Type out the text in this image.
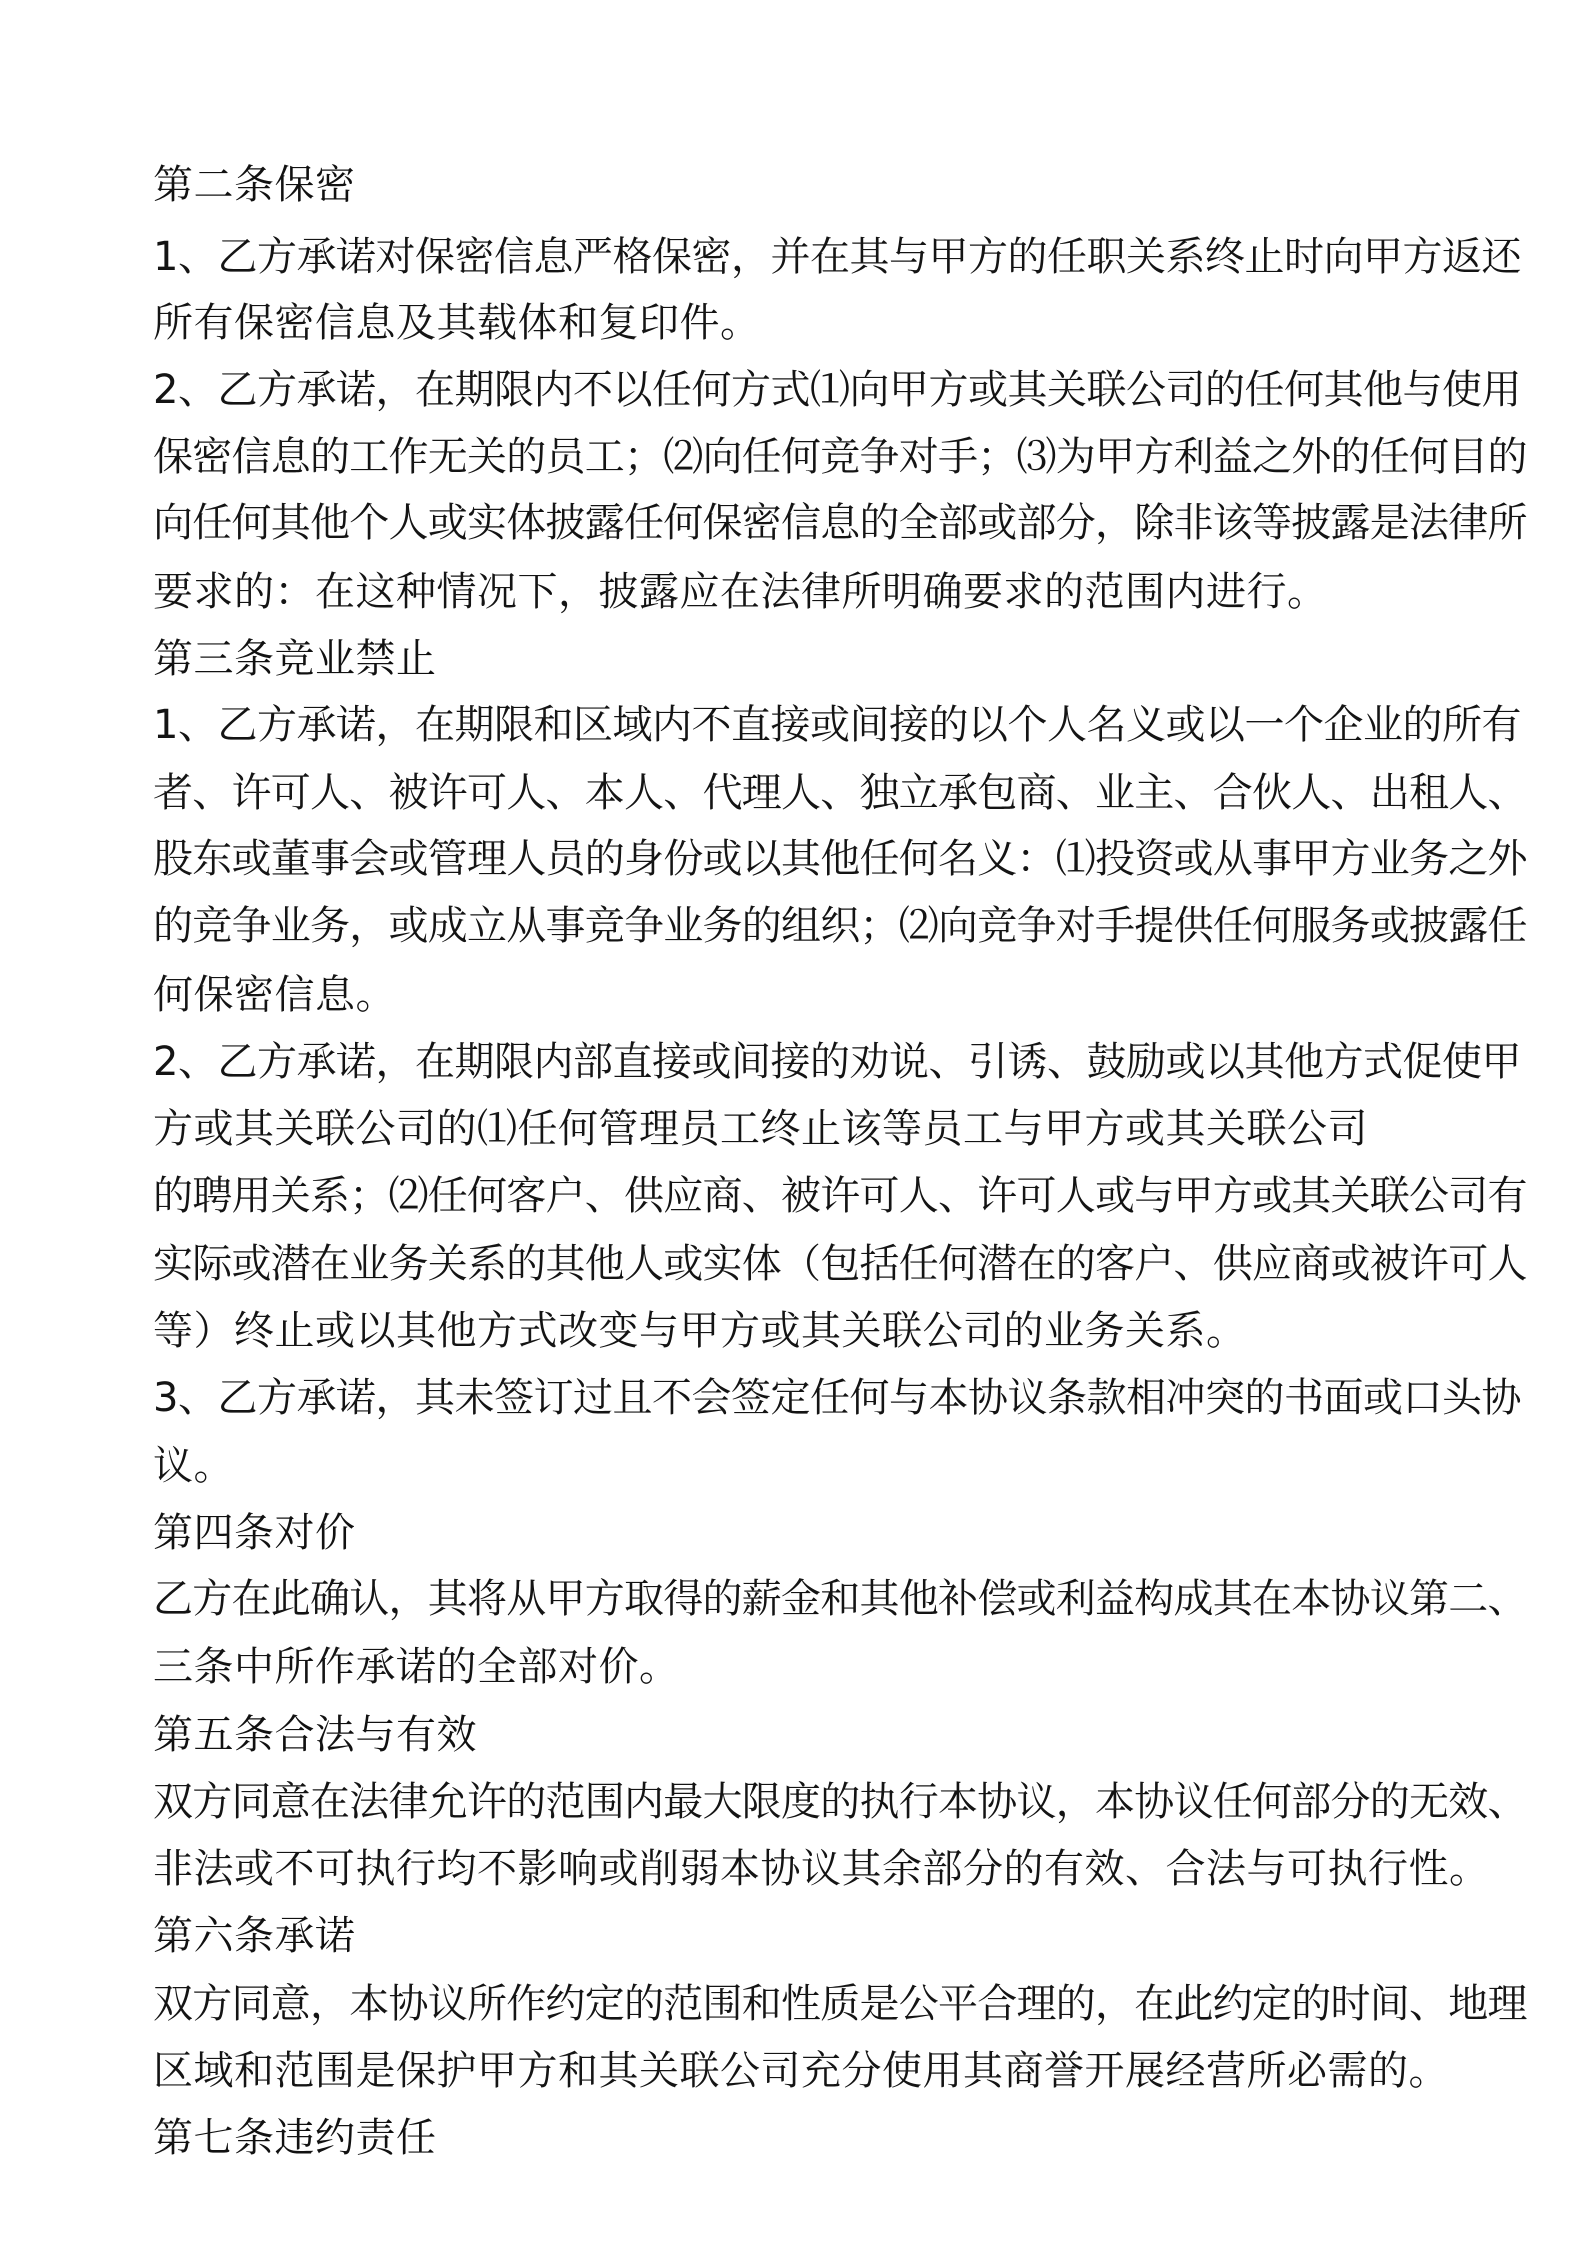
第二条保密

1、乙方承诺对保密信息严格保密，并在其与甲方的任职关系终止时向甲方返还

所有保密信息及其载体和复印件。

2、乙方承诺，在期限内不以任何方式⑴向甲方或其关联公司的任何其他与使用

保密信息的工作无关的员工；⑵向任何竞争对手；⑶为甲方利益之外的任何目的

向任何其他个人或实体披露任何保密信息的全部或部分，除非该等披露是法律所

要求的：在这种情况下，披露应在法律所明确要求的范围内进行。

第三条竞业禁止

1、乙方承诺，在期限和区域内不直接或间接的以个人名义或以一个企业的所有

者、许可人、被许可人、本人、代理人、独立承包商、业主、合伙人、出租人、

股东或董事会或管理人员的身份或以其他任何名义：⑴投资或从事甲方业务之外

的竞争业务，或成立从事竞争业务的组织；⑵向竞争对手提供任何服务或披露任

何保密信息。

2、乙方承诺，在期限内部直接或间接的劝说、引诱、鼓励或以其他方式促使甲

方或其关联公司的⑴任何管理员工终止该等员工与甲方或其关联公司

的聘用关系；⑵任何客户、供应商、被许可人、许可人或与甲方或其关联公司有

实际或潜在业务关系的其他人或实体（包括任何潜在的客户、供应商或被许可人

等）终止或以其他方式改变与甲方或其关联公司的业务关系。

3、乙方承诺，其未签订过且不会签定任何与本协议条款相冲突的书面或口头协

议。

第四条对价

乙方在此确认，其将从甲方取得的薪金和其他补偿或利益构成其在本协议第二、

三条中所作承诺的全部对价。

第五条合法与有效

双方同意在法律允许的范围内最大限度的执行本协议，本协议任何部分的无效、

非法或不可执行均不影响或削弱本协议其余部分的有效、合法与可执行性。

第六条承诺

双方同意，本协议所作约定的范围和性质是公平合理的，在此约定的时间、地理

区域和范围是保护甲方和其关联公司充分使用其商誉开展经营所必需的。

第七条违约责任
